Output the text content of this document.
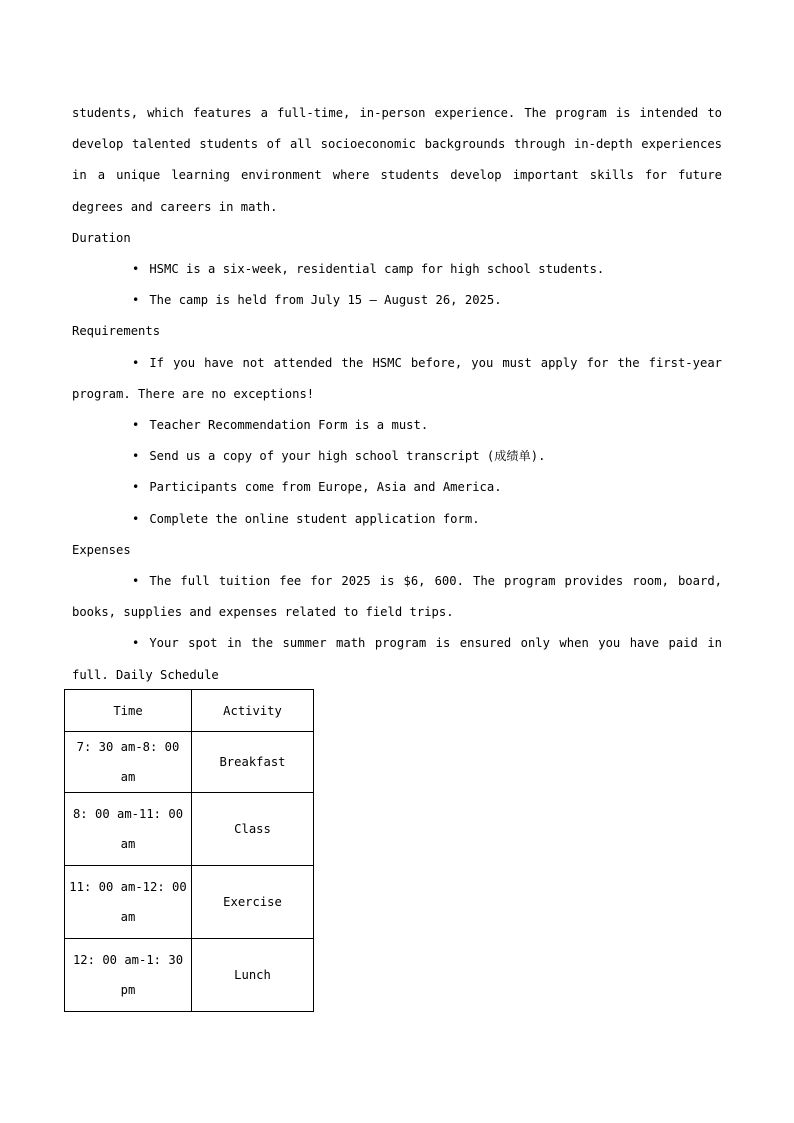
students, which features a full-time, in-person experience. The program is intended to develop talented students of all socioeconomic backgrounds through in-depth experiences in a unique learning environment where students develop important skills for future degrees and careers in math.

Duration

• HSMC is a six-week, residential camp for high school students.

• The camp is held from July 15 — August 26, 2025.

Requirements

• If you have not attended the HSMC before, you must apply for the first-year program. There are no exceptions!

• Teacher Recommendation Form is a must.

• Send us a copy of your high school transcript (成绩单).

• Participants come from Europe, Asia and America.

• Complete the online student application form.

Expenses

• The full tuition fee for 2025 is $6, 600. The program provides room, board, books, supplies and expenses related to field trips.

• Your spot in the summer math program is ensured only when you have paid in full. Daily Schedule

Time	Activity
7: 30 am-8: 00 am	Breakfast
8: 00 am-11: 00 am	Class
11: 00 am-12: 00 am	Exercise
12: 00 am-1: 30 pm	Lunch
